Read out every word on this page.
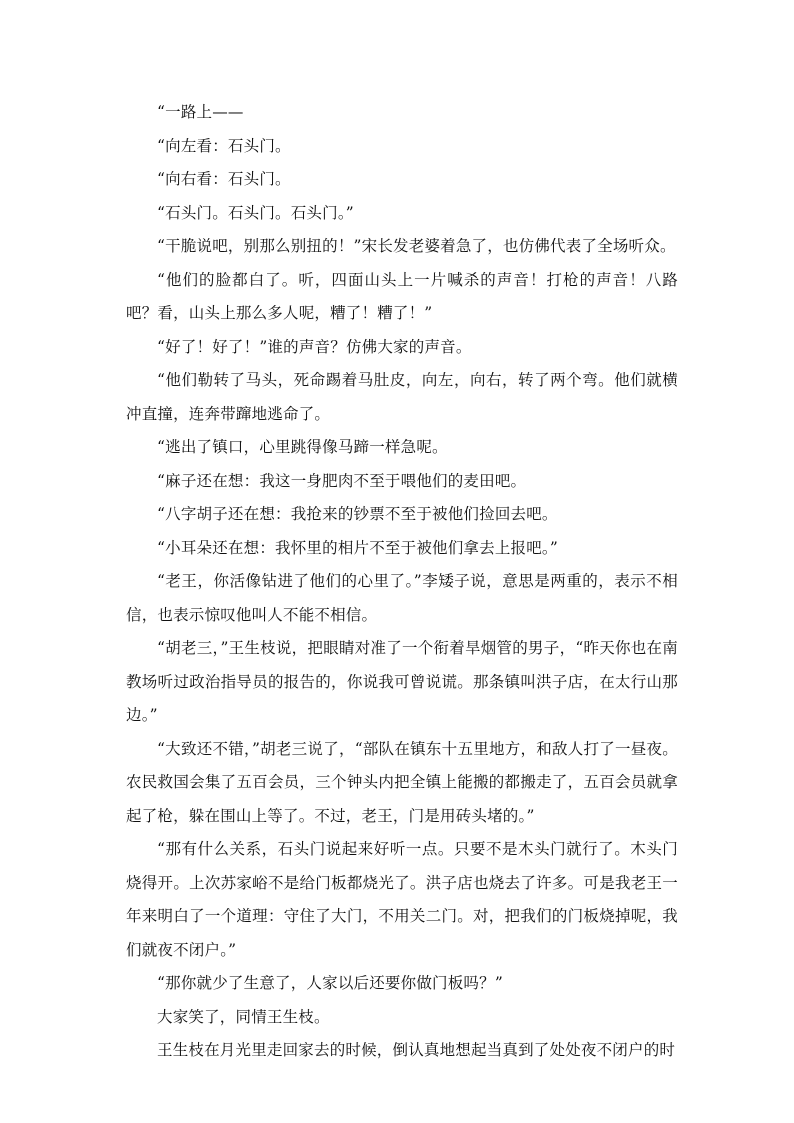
“一路上——

“向左看：石头门。

“向右看：石头门。

“石头门。石头门。石头门。”

“干脆说吧，别那么别扭的！”宋长发老婆着急了，也仿佛代表了全场听众。

“他们的脸都白了。听，四面山头上一片喊杀的声音！打枪的声音！八路吧？看，山头上那么多人呢，糟了！糟了！”

“好了！好了！”谁的声音？仿佛大家的声音。

“他们勒转了马头，死命踢着马肚皮，向左，向右，转了两个弯。他们就横冲直撞，连奔带蹿地逃命了。

“逃出了镇口，心里跳得像马蹄一样急呢。

“麻子还在想：我这一身肥肉不至于喂他们的麦田吧。

“八字胡子还在想：我抢来的钞票不至于被他们捡回去吧。

“小耳朵还在想：我怀里的相片不至于被他们拿去上报吧。”

“老王，你活像钻进了他们的心里了。”李矮子说，意思是两重的，表示不相信，也表示惊叹他叫人不能不相信。

“胡老三，”王生枝说，把眼睛对准了一个衔着旱烟管的男子，“昨天你也在南教场听过政治指导员的报告的，你说我可曾说谎。那条镇叫洪子店，在太行山那边。”

“大致还不错，”胡老三说了，“部队在镇东十五里地方，和敌人打了一昼夜。农民救国会集了五百会员，三个钟头内把全镇上能搬的都搬走了，五百会员就拿起了枪，躲在围山上等了。不过，老王，门是用砖头堵的。”

“那有什么关系，石头门说起来好听一点。只要不是木头门就行了。木头门烧得开。上次苏家峪不是给门板都烧光了。洪子店也烧去了许多。可是我老王一年来明白了一个道理：守住了大门，不用关二门。对，把我们的门板烧掉呢，我们就夜不闭户。”

“那你就少了生意了，人家以后还要你做门板吗？”

大家笑了，同情王生枝。

王生枝在月光里走回家去的时候，倒认真地想起当真到了处处夜不闭户的时
